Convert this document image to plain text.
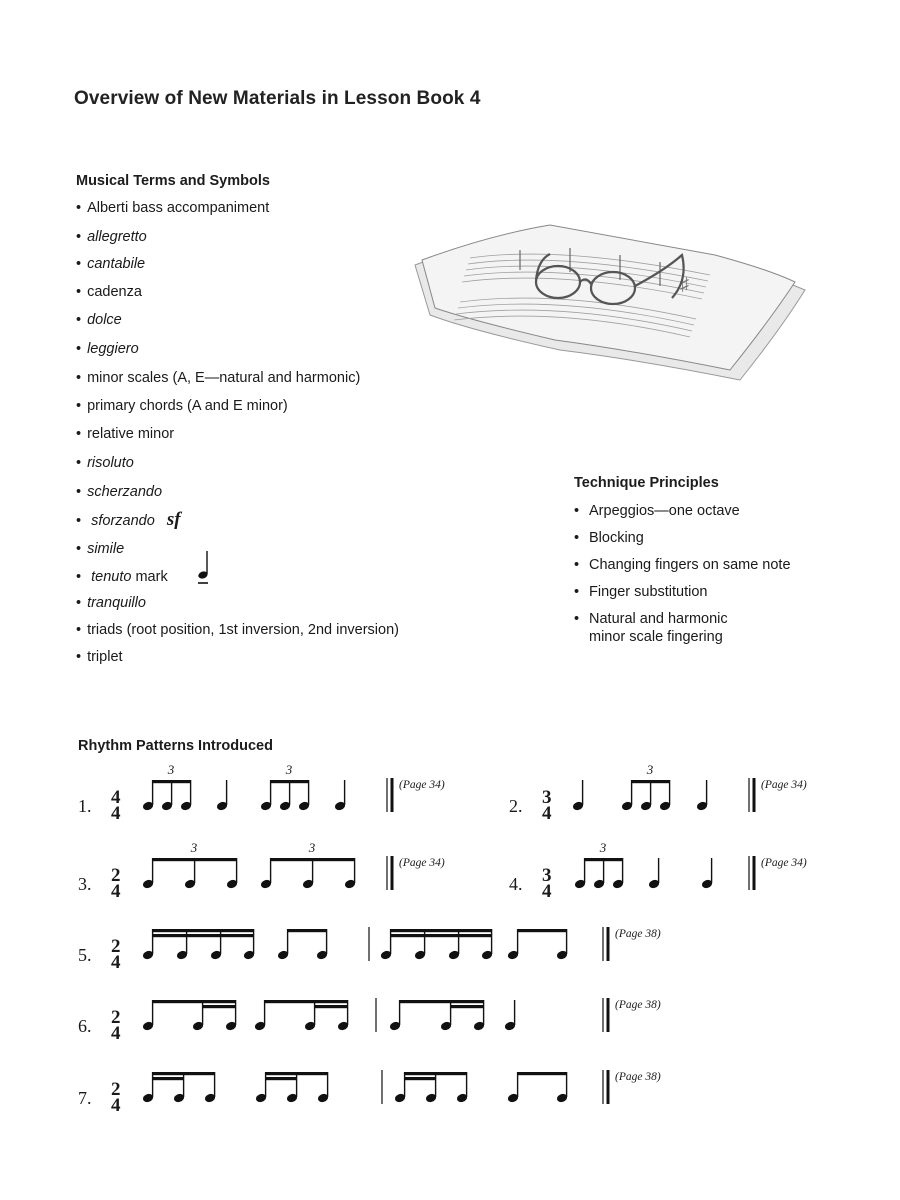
Overview of New Materials in Lesson Book 4
Musical Terms and Symbols
• Alberti bass accompaniment
• allegretto
• cantabile
• cadenza
• dolce
• leggiero
• minor scales (A, E—natural and harmonic)
• primary chords (A and E minor)
• relative minor
• risoluto
• scherzando
• sforzando sf
• simile
• tenuto mark
• tranquillo
• triads (root position, 1st inversion, 2nd inversion)
• triplet
♯
Technique Principles
• Arpeggios—one octave
• Blocking
• Changing fingers on same note
• Finger substitution
• Natural and harmonic
minor scale fingering
Rhythm Patterns Introduced
1. 4
4
3	3
(Page 34)
2. 3
4
3
(Page 34)
3. 2
4
3	3
(Page 34)
4. 3
4
3
(Page 34)
5. 2
4
(Page 38)
6. 2
4
(Page 38)
7. 2
4
(Page 38)
